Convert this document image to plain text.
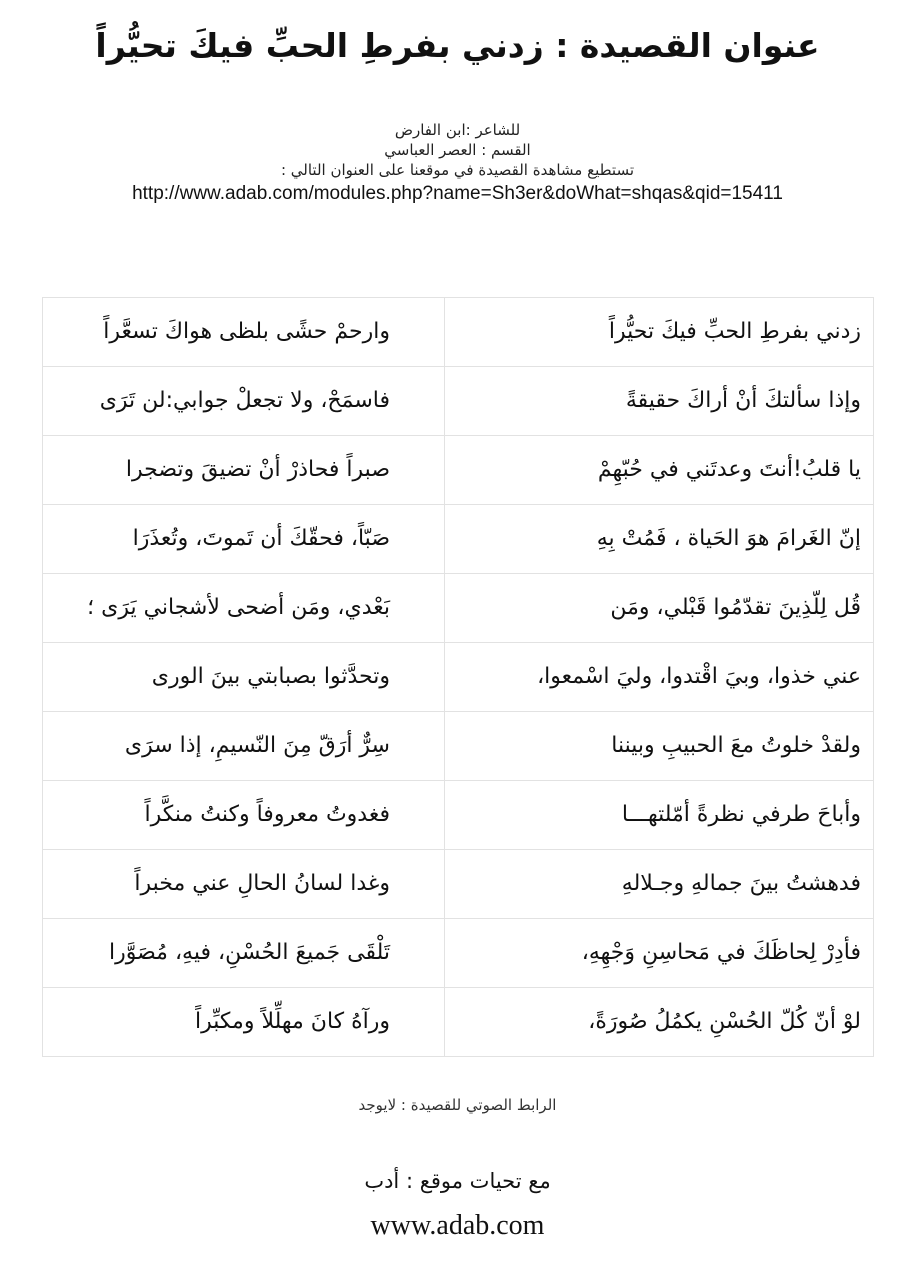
عنوان القصيدة : زدني بفرطِ الحبِّ فيكَ تحيُّراً
للشاعر :ابن الفارض
القسم : العصر العباسي
تستطيع مشاهدة القصيدة في موقعنا على العنوان التالي :
http://www.adab.com/modules.php?name=Sh3er&doWhat=shqas&qid=15411
زدني بفرطِ الحبِّ فيكَ تحيُّراً	وارحمْ حشًى بلظى هواكَ تسعَّراً
وإذا سألتكَ أنْ أراكَ حقيقةً	فاسمَحْ، ولا تجعلْ جوابي:لن تَرَى
يا قلبُ!أنتَ وعدتَني في حُبّهِمْ	صبراً فحاذرْ أنْ تضيقَ وتضجرا
إنّ الغَرامَ هوَ الحَياة ، فَمُتْ بِهِ	صَبّاً، فحقّكَ أن تَموتَ، وتُعذَرَا
قُل لِلّذِينَ تقدّمُوا قَبْلي، ومَن	بَعْدي، ومَن أضحى لأشجاني يَرَى ؛
عني خذوا، وبيَ اقْتدوا، وليَ اسْمعوا،	وتحدَّثوا بصبابتي بينَ الورى
ولقدْ خلوتُ معَ الحبيبِ وبيننا	سِرٌّ أرَقّ مِنَ النّسيمِ، إذا سرَى
وأباحَ طرفي نظرةً أمّلتهـــا	فغدوتُ معروفاً وكنتُ منكَّراً
فدهشتُ بينَ جمالهِ وجـلالهِ	وغدا لسانُ الحالِ عني مخبراً
فأدِرْ لِحاظَكَ في مَحاسِنِ وَجْهِهِ،	تَلْقَى جَميعَ الحُسْنِ، فيهِ، مُصَوَّرا
لوْ أنّ كُلّ الحُسْنِ يكمُلُ صُورَةً،	ورآهُ كانَ مهلِّلاً ومكبِّراً
الرابط الصوتي للقصيدة : لايوجد
مع تحيات موقع : أدب
www.adab.com
